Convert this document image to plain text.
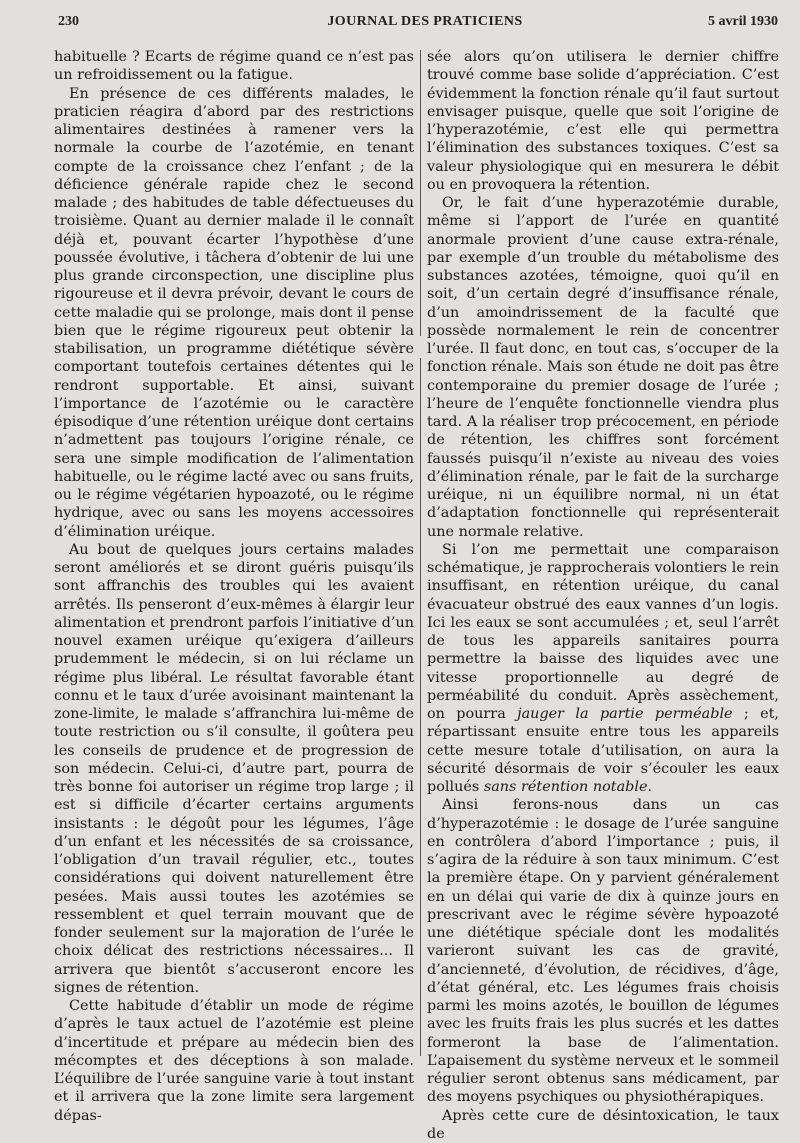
230	JOURNAL DES PRATICIENS	5 avril 1930

habituelle ? Ecarts de régime quand ce n’est pas un refroidissement ou la fatigue.

En présence de ces différents malades, le praticien réagira d’abord par des restrictions alimentaires destinées à ramener vers la normale la courbe de l’azotémie, en tenant compte de la croissance chez l’enfant ; de la déficience générale rapide chez le second malade ; des habitudes de table défectueuses du troisième. Quant au dernier malade il le connaît déjà et, pouvant écarter l’hypothèse d’une poussée évolutive, i tâchera d’obtenir de lui une plus grande circonspection, une discipline plus rigoureuse et il devra prévoir, devant le cours de cette maladie qui se prolonge, mais dont il pense bien que le régime rigoureux peut obtenir la stabilisation, un programme diététique sévère comportant toutefois certaines détentes qui le rendront supportable. Et ainsi, suivant l’importance de l’azotémie ou le caractère épisodique d’une rétention uréique dont certains n’admettent pas toujours l’origine rénale, ce sera une simple modification de l’alimentation habituelle, ou le régime lacté avec ou sans fruits, ou le régime végétarien hypoazoté, ou le régime hydrique, avec ou sans les moyens accessoires d’élimination uréique.

Au bout de quelques jours certains malades seront améliorés et se diront guéris puisqu’ils sont affranchis des troubles qui les avaient arrêtés. Ils penseront d’eux-mêmes à élargir leur alimentation et prendront parfois l’initiative d’un nouvel examen uréique qu’exigera d’ailleurs prudemment le médecin, si on lui réclame un régime plus libéral. Le résultat favorable étant connu et le taux d’urée avoisinant maintenant la zone-limite, le malade s’affranchira lui-même de toute restriction ou s’il consulte, il goûtera peu les conseils de prudence et de progression de son médecin. Celui-ci, d’autre part, pourra de très bonne foi autoriser un régime trop large ; il est si difficile d’écarter certains arguments insistants : le dégoût pour les légumes, l’âge d’un enfant et les nécessités de sa croissance, l’obligation d’un travail régulier, etc., toutes considérations qui doivent naturellement être pesées. Mais aussi toutes les azotémies se ressemblent et quel terrain mouvant que de fonder seulement sur la majoration de l’urée le choix délicat des restrictions nécessaires... Il arrivera que bientôt s’accuseront encore les signes de rétention.

Cette habitude d’établir un mode de régime d’après le taux actuel de l’azotémie est pleine d’incertitude et prépare au médecin bien des mécomptes et des déceptions à son malade. L’équilibre de l’urée sanguine varie à tout instant et il arrivera que la zone limite sera largement dépas-

sée alors qu’on utilisera le dernier chiffre trouvé comme base solide d’appréciation. C’est évidemment la fonction rénale qu’il faut surtout envisager puisque, quelle que soit l’origine de l’hyperazotémie, c’est elle qui permettra l’élimination des substances toxiques. C’est sa valeur physiologique qui en mesurera le débit ou en provoquera la rétention.

Or, le fait d’une hyperazotémie durable, même si l’apport de l’urée en quantité anormale provient d’une cause extra-rénale, par exemple d’un trouble du métabolisme des substances azotées, témoigne, quoi qu’il en soit, d’un certain degré d’insuffisance rénale, d’un amoindrissement de la faculté que possède normalement le rein de concentrer l’urée. Il faut donc, en tout cas, s’occuper de la fonction rénale. Mais son étude ne doit pas être contemporaine du premier dosage de l’urée ; l’heure de l’enquête fonctionnelle viendra plus tard. A la réaliser trop précocement, en période de rétention, les chiffres sont forcément faussés puisqu’il n’existe au niveau des voies d’élimination rénale, par le fait de la surcharge uréique, ni un équilibre normal, ni un état d’adaptation fonctionnelle qui représenterait une normale relative.

Si l’on me permettait une comparaison schématique, je rapprocherais volontiers le rein insuffisant, en rétention uréique, du canal évacuateur obstrué des eaux vannes d’un logis. Ici les eaux se sont accumulées ; et, seul l’arrêt de tous les appareils sanitaires pourra permettre la baisse des liquides avec une vitesse proportionnelle au degré de perméabilité du conduit. Après assèchement, on pourra jauger la partie perméable ; et, répartissant ensuite entre tous les appareils cette mesure totale d’utilisation, on aura la sécurité désormais de voir s’écouler les eaux pollués sans rétention notable.

Ainsi ferons-nous dans un cas d’hyperazotémie : le dosage de l’urée sanguine en contrôlera d’abord l’importance ; puis, il s’agira de la réduire à son taux minimum. C’est la première étape. On y parvient généralement en un délai qui varie de dix à quinze jours en prescrivant avec le régime sévère hypoazoté une diététique spéciale dont les modalités varieront suivant les cas de gravité, d’ancienneté, d’évolution, de récidives, d’âge, d’état général, etc. Les légumes frais choisis parmi les moins azotés, le bouillon de légumes avec les fruits frais les plus sucrés et les dattes formeront la base de l’alimentation. L’apaisement du système nerveux et le sommeil régulier seront obtenus sans médicament, par des moyens psychiques ou physiothérapiques.

Après cette cure de désintoxication, le taux de
